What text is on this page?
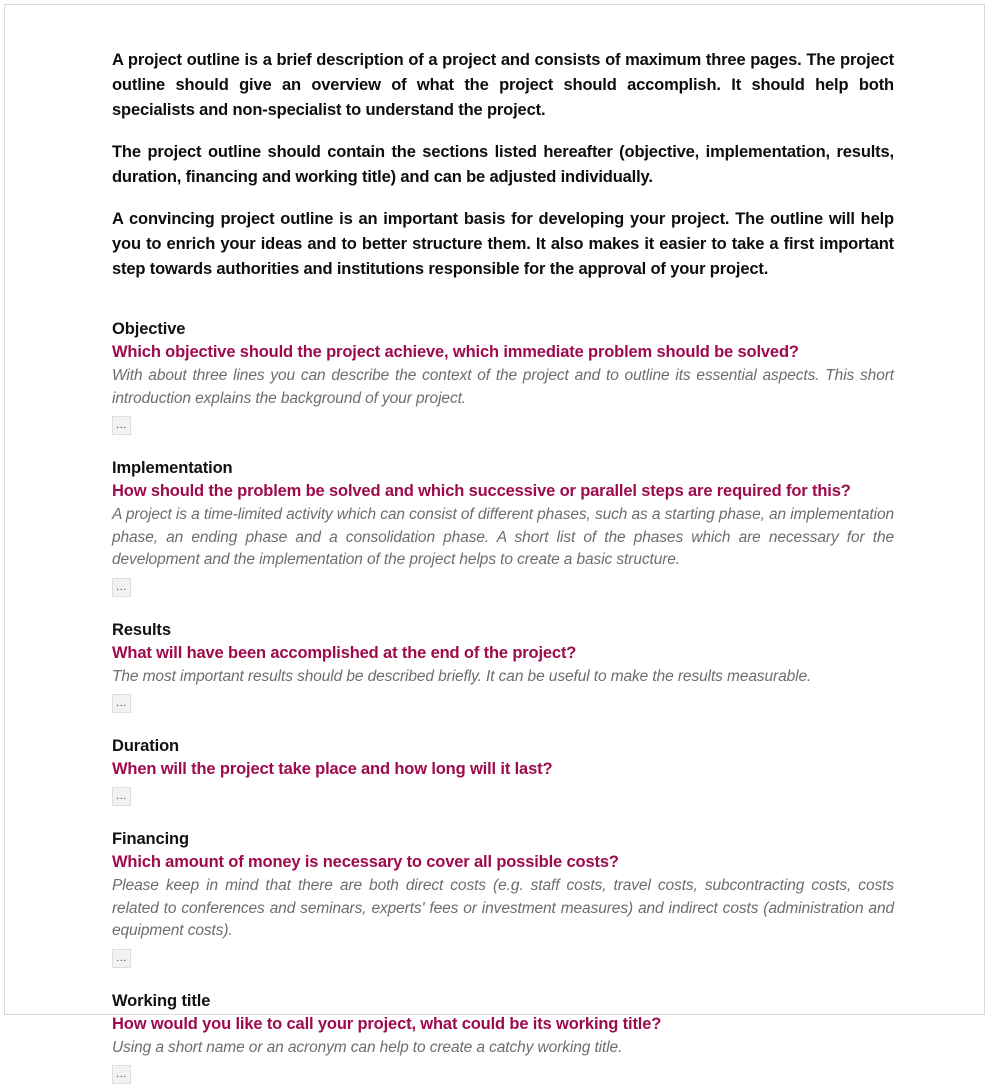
A project outline is a brief description of a project and consists of maximum three pages. The project outline should give an overview of what the project should accomplish. It should help both specialists and non-specialist to understand the project.

The project outline should contain the sections listed hereafter (objective, implementation, results, duration, financing and working title) and can be adjusted individually.

A convincing project outline is an important basis for developing your project. The outline will help you to enrich your ideas and to better structure them. It also makes it easier to take a first important step towards authorities and institutions responsible for the approval of your project.

Objective

Which objective should the project achieve, which immediate problem should be solved?

With about three lines you can describe the context of the project and to outline its essential aspects. This short introduction explains the background of your project.

...
Implementation

How should the problem be solved and which successive or parallel steps are required for this?

A project is a time-limited activity which can consist of different phases, such as a starting phase, an implementation phase, an ending phase and a consolidation phase. A short list of the phases which are necessary for the development and the implementation of the project helps to create a basic structure.

...
Results

What will have been accomplished at the end of the project?

The most important results should be described briefly. It can be useful to make the results measurable.

...
Duration

When will the project take place and how long will it last?

...
Financing

Which amount of money is necessary to cover all possible costs?

Please keep in mind that there are both direct costs (e.g. staff costs, travel costs, subcontracting costs, costs related to conferences and seminars, experts' fees or investment measures) and indirect costs (administration and equipment costs).

...
Working title

How would you like to call your project, what could be its working title?

Using a short name or an acronym can help to create a catchy working title.

...
